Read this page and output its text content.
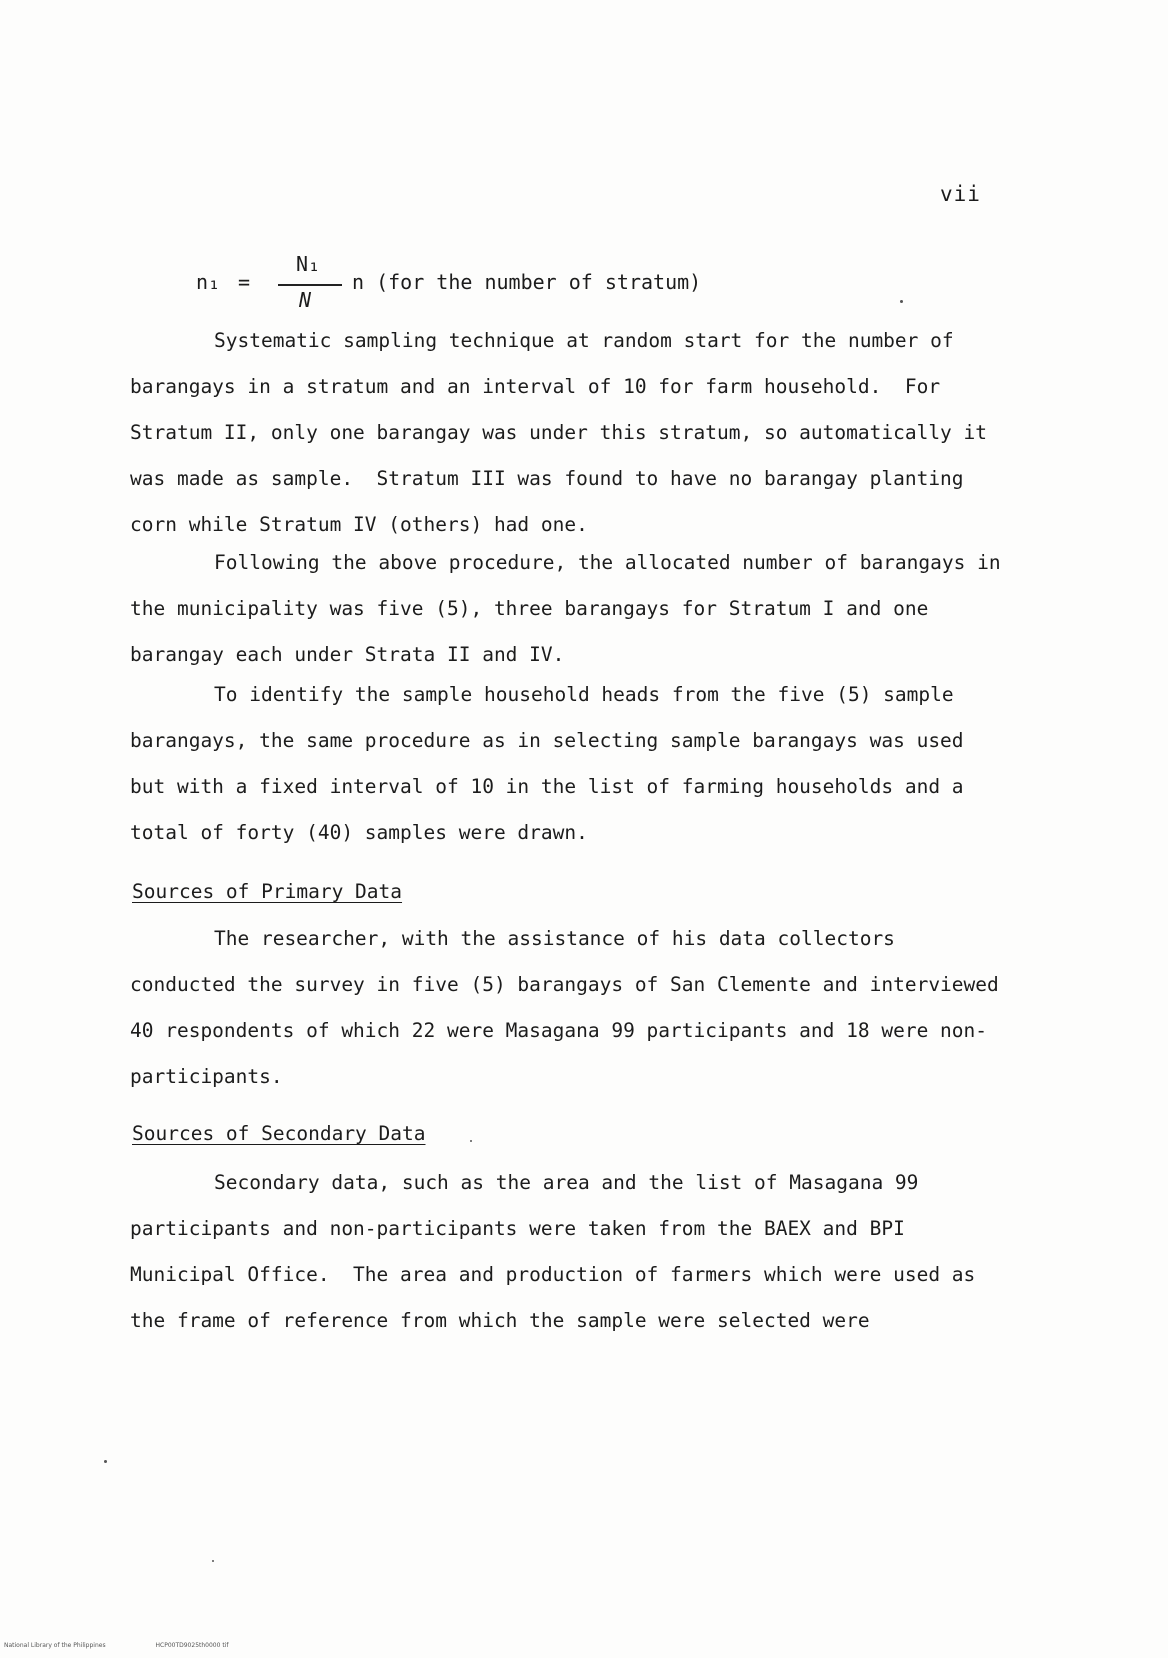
vii
n₁ =
N₁
N
n (for the number of stratum)
Systematic sampling technique at random start for the number of barangays in a stratum and an interval of 10 for farm household.  For Stratum II, only one barangay was under this stratum, so automatically it was made as sample.  Stratum III was found to have no barangay planting corn while Stratum IV (others) had one.
Following the above procedure, the allocated number of barangays in the municipality was five (5), three barangays for Stratum I and one barangay each under Strata II and IV.
To identify the sample household heads from the five (5) sample barangays, the same procedure as in selecting sample barangays was used but with a fixed interval of 10 in the list of farming households and a total of forty (40) samples were drawn.
Sources of Primary Data
The researcher, with the assistance of his data collectors conducted the survey in five (5) barangays of San Clemente and interviewed 40 respondents of which 22 were Masagana 99 participants and 18 were non-participants.
Sources of Secondary Data
Secondary data, such as the area and the list of Masagana 99 participants and non-participants were taken from the BAEX and BPI Municipal Office.  The area and production of farmers which were used as the frame of reference from which the sample were selected were
National Library of the Philippines	HCP00TD9025th0000 tif
